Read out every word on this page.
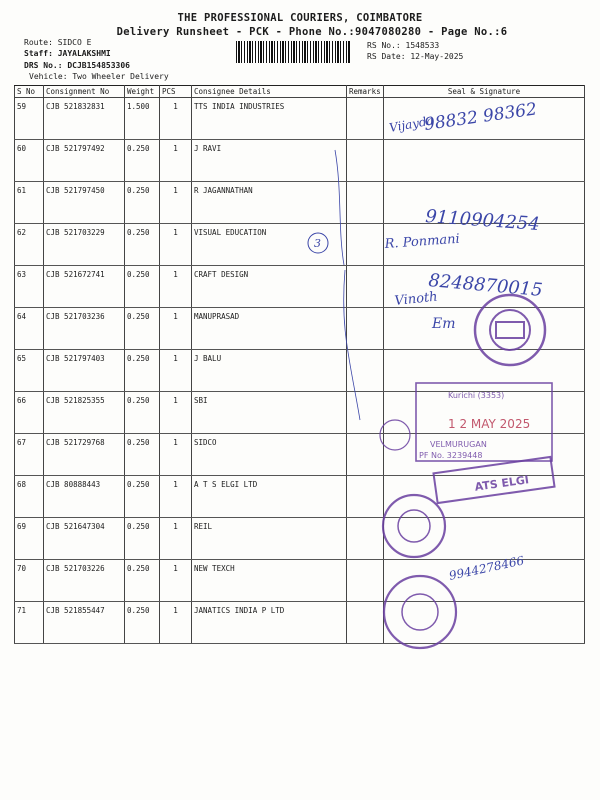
THE PROFESSIONAL COURIERS, COIMBATORE
Delivery Runsheet - PCK - Phone No.:9047080280 - Page No.:6
Route: SIDCO E
Staff: JAYALAKSHMI
DRS No.: DCJB154853306
Vehicle: Two Wheeler Delivery
RS No.: 1548533
RS Date: 12-May-2025
S No	Consignment No	Weight	PCS	Consignee Details	Remarks	Seal & Signature
59	CJB 521832831	1.500	1	TTS INDIA INDUSTRIES		
60	CJB 521797492	0.250	1	J RAVI		
61	CJB 521797450	0.250	1	R JAGANNATHAN		
62	CJB 521703229	0.250	1	VISUAL EDUCATION		
63	CJB 521672741	0.250	1	CRAFT DESIGN		
64	CJB 521703236	0.250	1	MANUPRASAD		
65	CJB 521797403	0.250	1	J BALU		
66	CJB 521825355	0.250	1	SBI		
67	CJB 521729768	0.250	1	SIDCO		
68	CJB 80888443	0.250	1	A T S ELGI LTD		
69	CJB 521647304	0.250	1	REIL		
70	CJB 521703226	0.250	1	NEW TEXCH		
71	CJB 521855447	0.250	1	JANATICS INDIA P LTD		
98832 98362
Vijayda
9110904254
R. Ponmani
8248870015
Vinoth
Em
9944278466
3
Kurichi (3353)
1 2 MAY 2025
VELMURUGAN
PF No. 3239448
ATS ELGI
